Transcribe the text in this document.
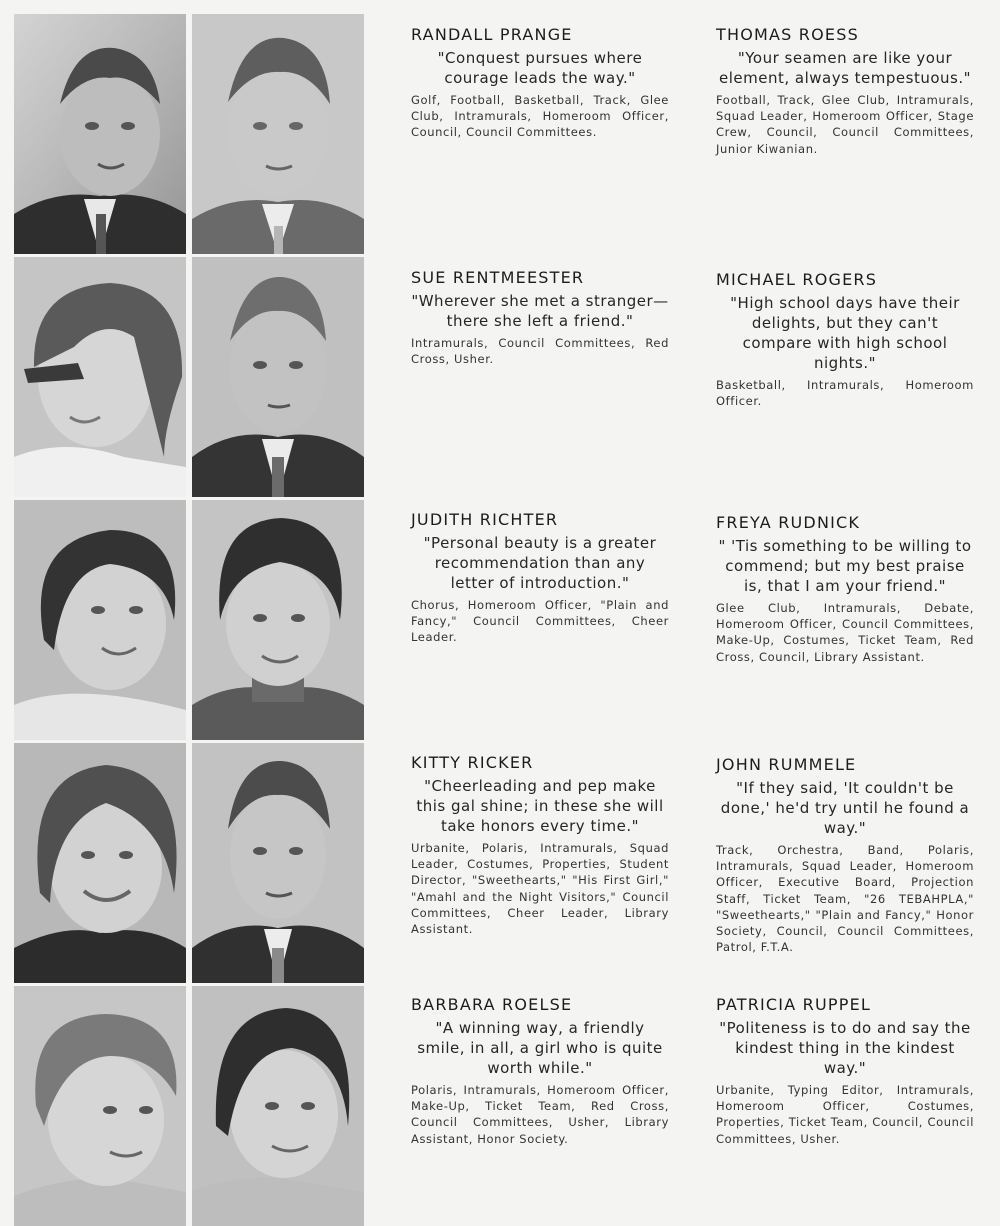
RANDALL PRANGE
"Conquest pursues where courage leads the way."
Golf, Football, Basketball, Track, Glee Club, Intramurals, Homeroom Officer, Council, Council Committees.
THOMAS ROESS
"Your seamen are like your element, always tempestuous."
Football, Track, Glee Club, Intramurals, Squad Leader, Homeroom Officer, Stage Crew, Council, Council Committees, Junior Kiwanian.
SUE RENTMEESTER
"Wherever she met a stranger—there she left a friend."
Intramurals, Council Committees, Red Cross, Usher.
MICHAEL ROGERS
"High school days have their delights, but they can't compare with high school nights."
Basketball, Intramurals, Homeroom Officer.
JUDITH RICHTER
"Personal beauty is a greater recommendation than any letter of introduction."
Chorus, Homeroom Officer, "Plain and Fancy," Council Committees, Cheer Leader.
FREYA RUDNICK
" 'Tis something to be willing to commend; but my best praise is, that I am your friend."
Glee Club, Intramurals, Debate, Homeroom Officer, Council Committees, Make-Up, Costumes, Ticket Team, Red Cross, Council, Library Assistant.
KITTY RICKER
"Cheerleading and pep make this gal shine; in these she will take honors every time."
Urbanite, Polaris, Intramurals, Squad Leader, Costumes, Properties, Student Director, "Sweethearts," "His First Girl," "Amahl and the Night Visitors," Council Committees, Cheer Leader, Library Assistant.
JOHN RUMMELE
"If they said, 'It couldn't be done,' he'd try until he found a way."
Track, Orchestra, Band, Polaris, Intramurals, Squad Leader, Homeroom Officer, Executive Board, Projection Staff, Ticket Team, "26 TEBAHPLA," "Sweethearts," "Plain and Fancy," Honor Society, Council, Council Committees, Patrol, F.T.A.
BARBARA ROELSE
"A winning way, a friendly smile, in all, a girl who is quite worth while."
Polaris, Intramurals, Homeroom Officer, Make-Up, Ticket Team, Red Cross, Council Committees, Usher, Library Assistant, Honor Society.
PATRICIA RUPPEL
"Politeness is to do and say the kindest thing in the kindest way."
Urbanite, Typing Editor, Intramurals, Homeroom Officer, Costumes, Properties, Ticket Team, Council, Council Committees, Usher.
